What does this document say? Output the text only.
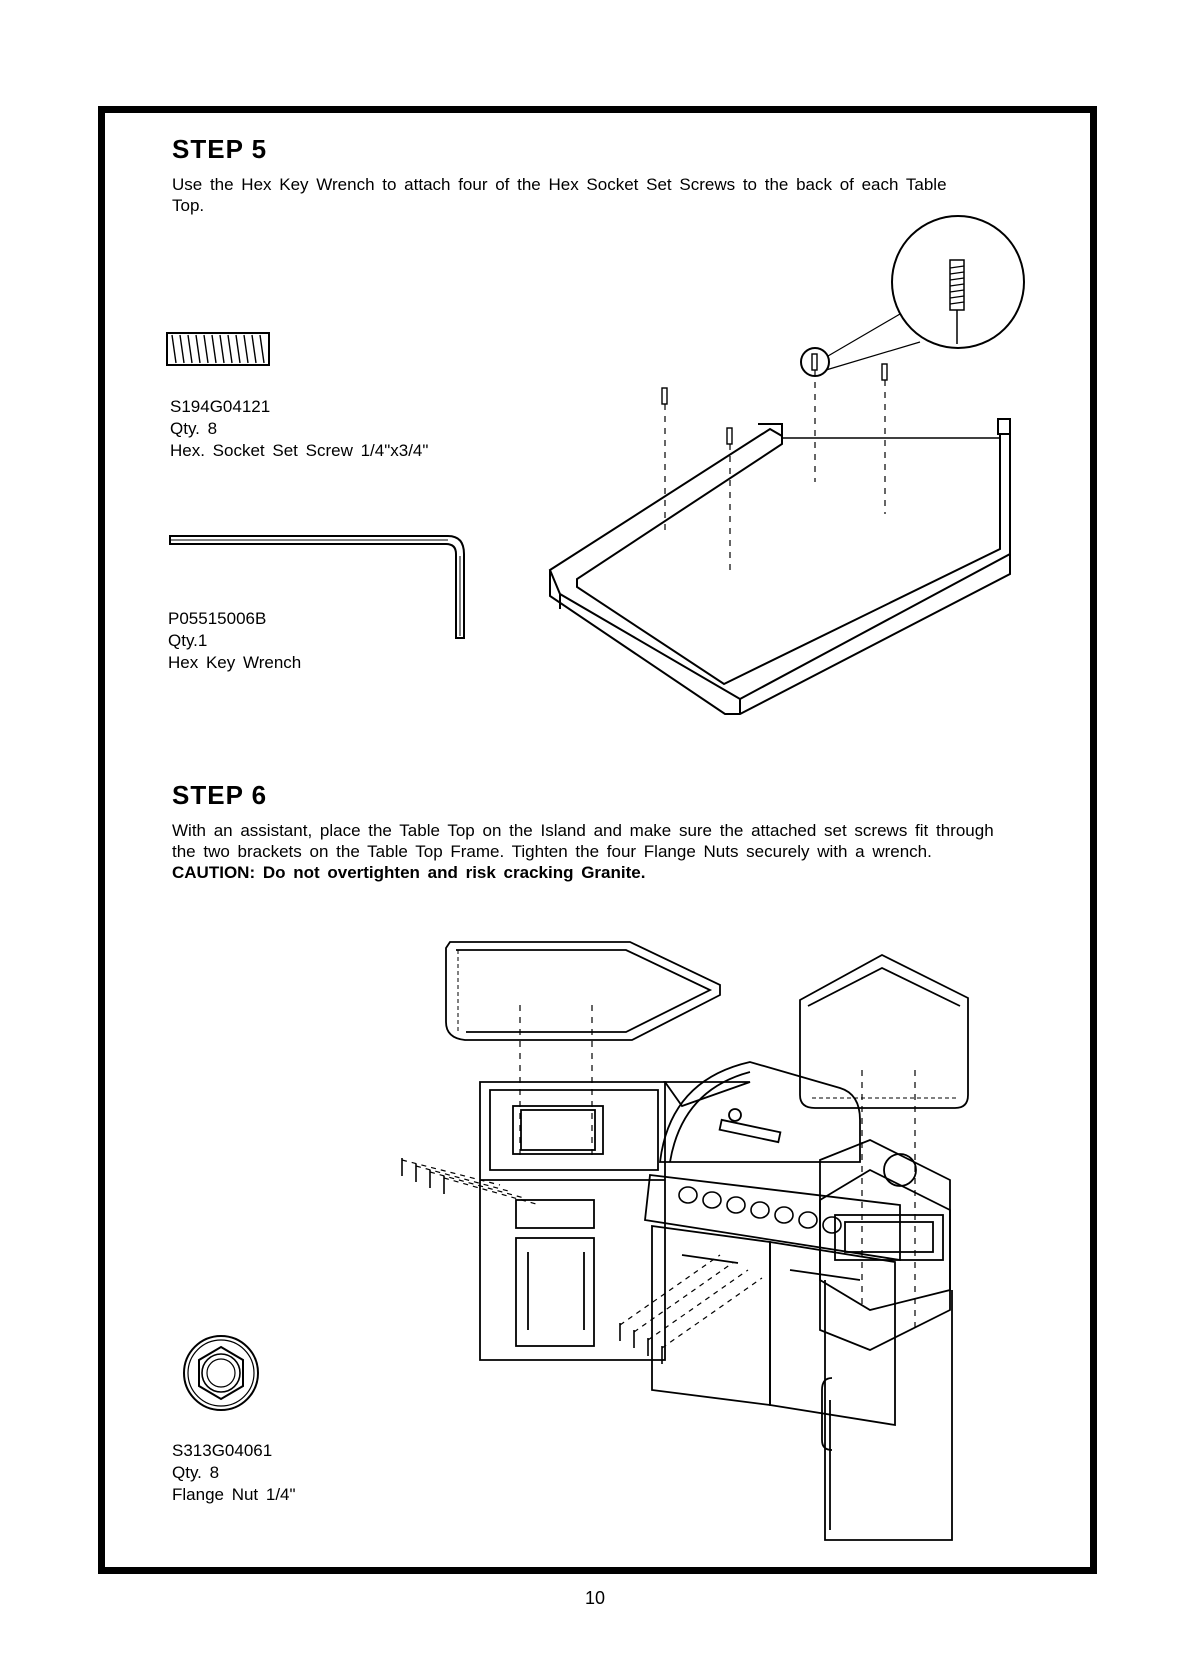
STEP 5
Use the Hex Key Wrench to attach four of the Hex Socket Set Screws to the back of each Table Top.
S194G04121
Qty. 8
Hex. Socket Set Screw 1/4"x3/4"
P05515006B
Qty.1
Hex Key Wrench
STEP 6
With an assistant, place the Table Top on the Island and make sure the attached set screws fit through the two brackets on the Table Top Frame. Tighten the four Flange Nuts securely with a wrench. CAUTION: Do not overtighten and risk cracking Granite.
S313G04061
Qty. 8
Flange Nut 1/4"
10
